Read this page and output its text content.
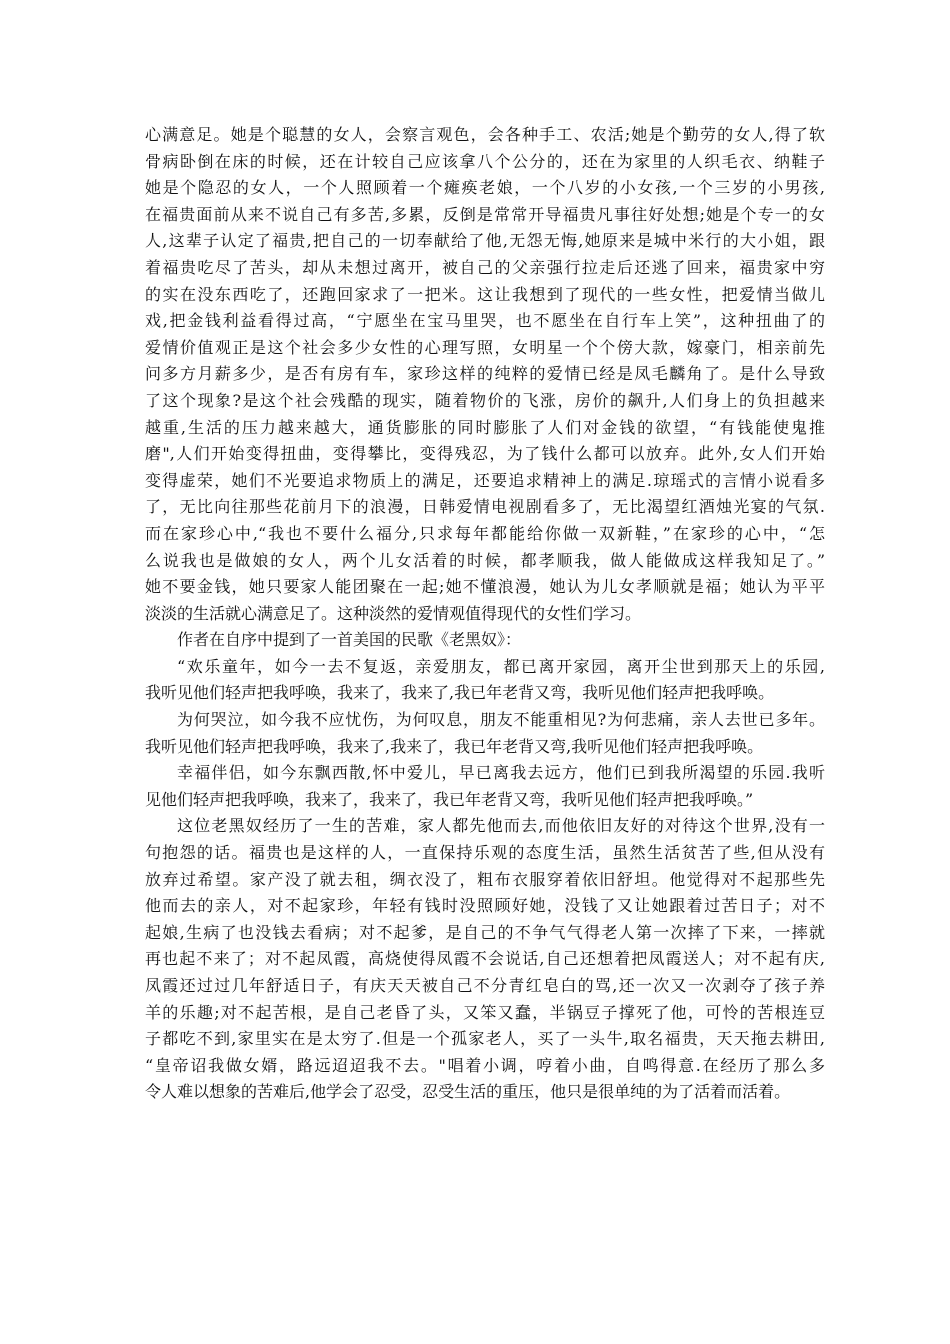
心满意足。她是个聪慧的女人，会察言观色，会各种手工、农活;她是个勤劳的女人,得了软
骨病卧倒在床的时候，还在计较自己应该拿八个公分的，还在为家里的人织毛衣、纳鞋子
她是个隐忍的女人，一个人照顾着一个瘫痪老娘，一个八岁的小女孩,一个三岁的小男孩,
在福贵面前从来不说自己有多苦,多累，反倒是常常开导福贵凡事往好处想;她是个专一的女
人,这辈子认定了福贵,把自己的一切奉献给了他,无怨无悔,她原来是城中米行的大小姐，跟
着福贵吃尽了苦头，却从未想过离开，被自己的父亲强行拉走后还逃了回来，福贵家中穷
的实在没东西吃了，还跑回家求了一把米。这让我想到了现代的一些女性，把爱情当做儿
戏,把金钱利益看得过高，“宁愿坐在宝马里哭，也不愿坐在自行车上笑”，这种扭曲了的
爱情价值观正是这个社会多少女性的心理写照，女明星一个个傍大款，嫁豪门，相亲前先
问多方月薪多少，是否有房有车，家珍这样的纯粹的爱情已经是凤毛麟角了。是什么导致
了这个现象?是这个社会残酷的现实，随着物价的飞涨，房价的飙升,人们身上的负担越来
越重,生活的压力越来越大，通货膨胀的同时膨胀了人们对金钱的欲望，“有钱能使鬼推
磨",人们开始变得扭曲，变得攀比，变得残忍，为了钱什么都可以放弃。此外,女人们开始
变得虚荣，她们不光要追求物质上的满足，还要追求精神上的满足.琼瑶式的言情小说看多
了，无比向往那些花前月下的浪漫，日韩爱情电视剧看多了，无比渴望红酒烛光宴的气氛.
而在家珍心中,“我也不要什么福分,只求每年都能给你做一双新鞋，”在家珍的心中，“怎
么说我也是做娘的女人，两个儿女活着的时候，都孝顺我，做人能做成这样我知足了。”
她不要金钱，她只要家人能团聚在一起;她不懂浪漫，她认为儿女孝顺就是福；她认为平平
淡淡的生活就心满意足了。这种淡然的爱情观值得现代的女性们学习。
作者在自序中提到了一首美国的民歌《老黑奴》：
“欢乐童年，如今一去不复返，亲爱朋友，都已离开家园，离开尘世到那天上的乐园,
我听见他们轻声把我呼唤，我来了，我来了,我已年老背又弯，我听见他们轻声把我呼唤。
为何哭泣，如今我不应忧伤，为何叹息，朋友不能重相见?为何悲痛，亲人去世已多年。
我听见他们轻声把我呼唤，我来了,我来了，我已年老背又弯,我听见他们轻声把我呼唤。
幸福伴侣，如今东飘西散,怀中爱儿，早已离我去远方，他们已到我所渴望的乐园.我听
见他们轻声把我呼唤，我来了，我来了，我已年老背又弯，我听见他们轻声把我呼唤。”
这位老黑奴经历了一生的苦难，家人都先他而去,而他依旧友好的对待这个世界,没有一
句抱怨的话。福贵也是这样的人，一直保持乐观的态度生活，虽然生活贫苦了些,但从没有
放弃过希望。家产没了就去租，绸衣没了，粗布衣服穿着依旧舒坦。他觉得对不起那些先
他而去的亲人，对不起家珍，年轻有钱时没照顾好她，没钱了又让她跟着过苦日子；对不
起娘,生病了也没钱去看病；对不起爹，是自己的不争气气得老人第一次摔了下来，一摔就
再也起不来了；对不起凤霞，高烧使得凤霞不会说话,自己还想着把凤霞送人；对不起有庆,
凤霞还过过几年舒适日子，有庆天天被自己不分青红皂白的骂,还一次又一次剥夺了孩子养
羊的乐趣;对不起苦根，是自己老昏了头，又笨又蠢，半锅豆子撑死了他，可怜的苦根连豆
子都吃不到,家里实在是太穷了.但是一个孤家老人，买了一头牛,取名福贵，天天拖去耕田,
“皇帝诏我做女婿，路远迢迢我不去。"唱着小调，哼着小曲，自鸣得意.在经历了那么多
令人难以想象的苦难后,他学会了忍受，忍受生活的重压，他只是很单纯的为了活着而活着。
